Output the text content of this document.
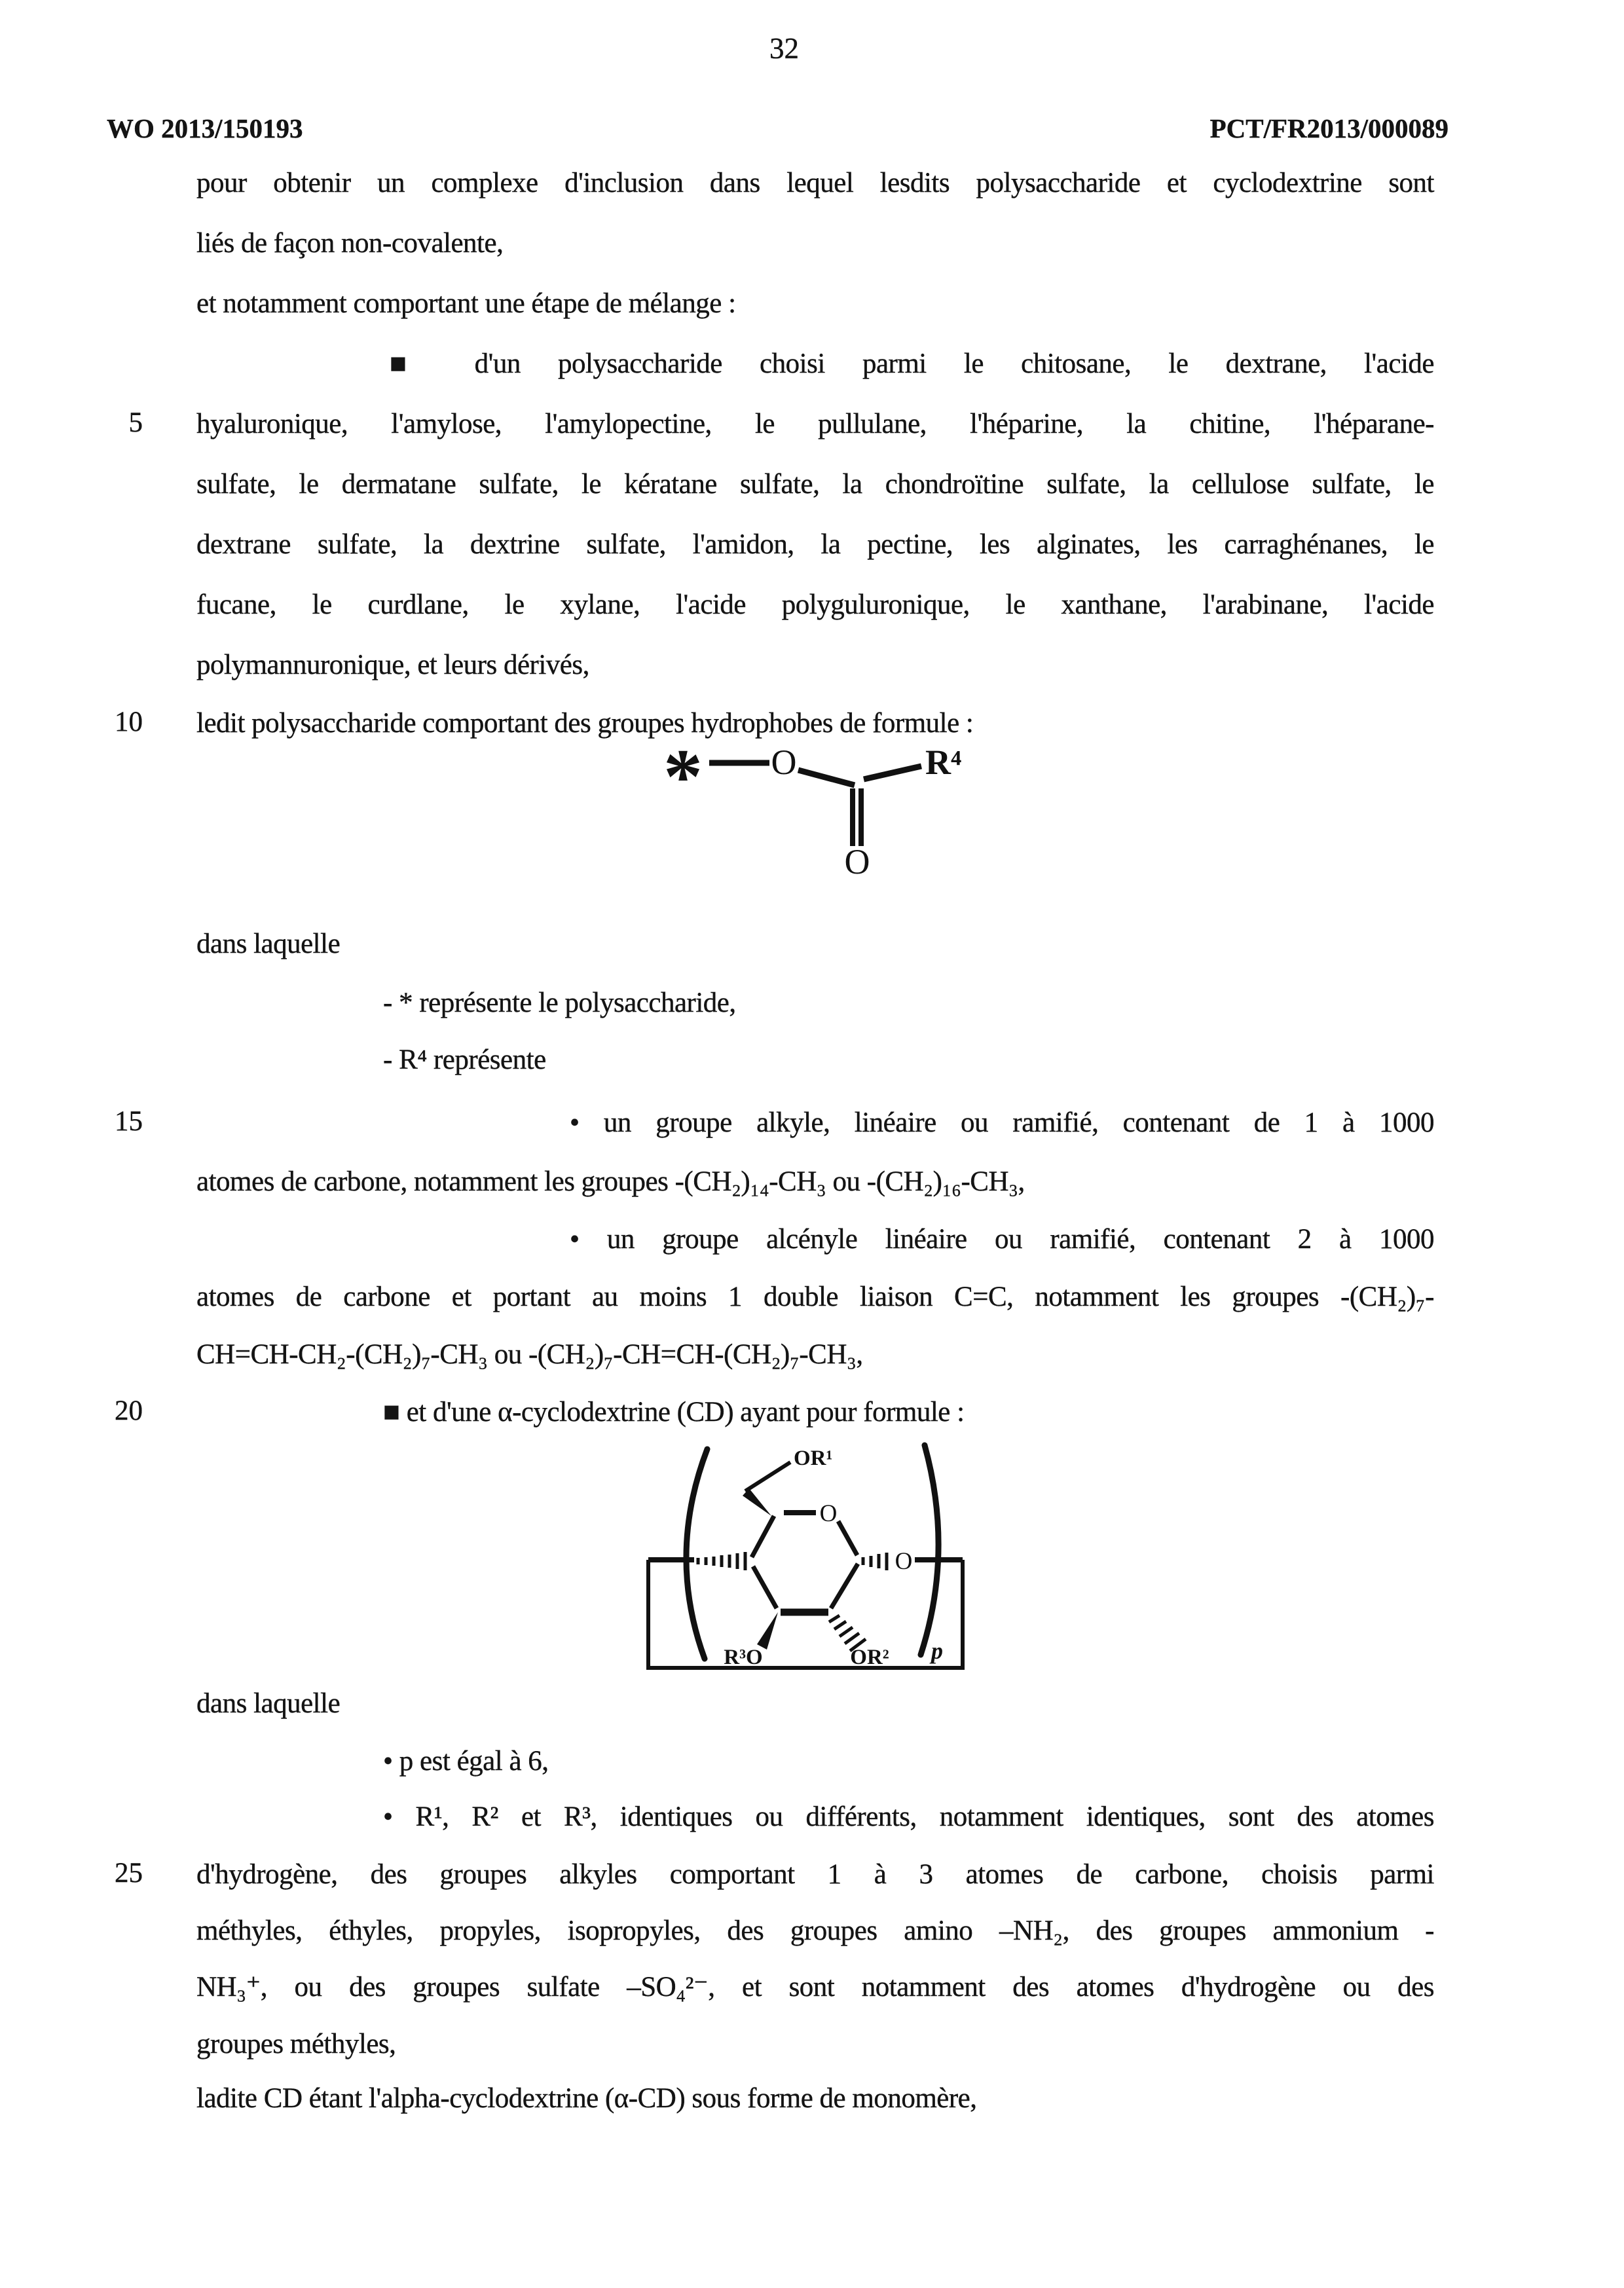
WO 2013/150193
32
PCT/FR2013/000089
5
10
15
20
25
pour obtenir un complexe d'inclusion dans lequel lesdits polysaccharide et cyclodextrine sont
liés de façon non-covalente,
et notamment comportant une étape de mélange :
■ d'un polysaccharide choisi parmi le chitosane, le dextrane, l'acide
hyaluronique, l'amylose, l'amylopectine, le pullulane, l'héparine, la chitine, l'héparane-
sulfate, le dermatane sulfate, le kératane sulfate, la chondroïtine sulfate, la cellulose sulfate, le
dextrane sulfate, la dextrine sulfate, l'amidon, la pectine, les alginates, les carraghénanes, le
fucane, le curdlane, le xylane, l'acide polyguluronique, le xanthane, l'arabinane, l'acide
polymannuronique, et leurs dérivés,
ledit polysaccharide comportant des groupes hydrophobes de formule :
dans laquelle
- * représente le polysaccharide,
- R⁴ représente
• un groupe alkyle, linéaire ou ramifié, contenant de 1 à 1000
atomes de carbone, notamment les groupes -(CH₂)₁₄-CH₃ ou -(CH₂)₁₆-CH₃,
• un groupe alcényle linéaire ou ramifié, contenant 2 à 1000
atomes de carbone et portant au moins 1 double liaison C=C, notamment les groupes -(CH₂)₇-
CH=CH-CH₂-(CH₂)₇-CH₃ ou -(CH₂)₇-CH=CH-(CH₂)₇-CH₃,
■ et d'une α-cyclodextrine (CD) ayant pour formule :
dans laquelle
• p est égal à 6,
• R¹, R² et R³, identiques ou différents, notamment identiques, sont des atomes
d'hydrogène, des groupes alkyles comportant 1 à 3 atomes de carbone, choisis parmi
méthyles, éthyles, propyles, isopropyles, des groupes amino –NH₂, des groupes ammonium -
NH₃⁺, ou des groupes sulfate –SO₄²⁻, et sont notamment des atomes d'hydrogène ou des
groupes méthyles,
ladite CD étant l'alpha-cyclodextrine (α-CD) sous forme de monomère,
* O
O
R⁴
OR¹
O
O
R³O	OR² p
